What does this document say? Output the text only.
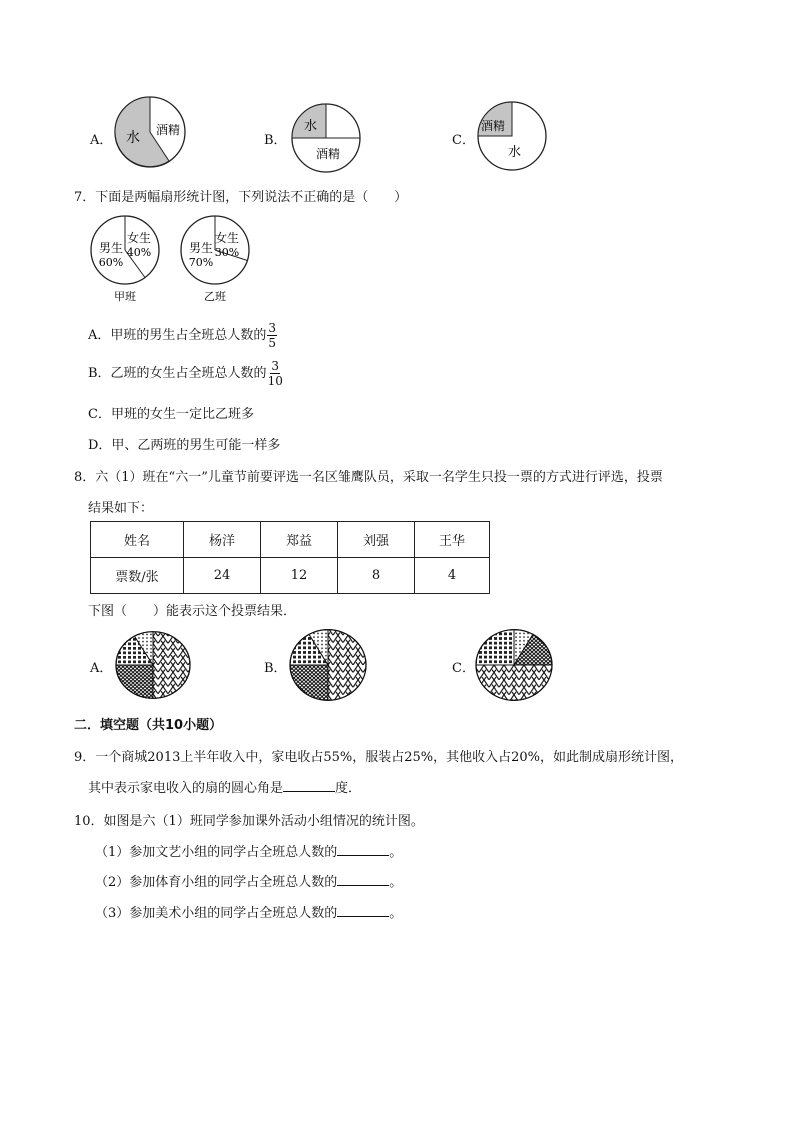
A． 水 酒精
B．
水
酒精
C．
酒精
水
7．下面是两幅扇形统计图，下列说法不正确的是（　　）
男生
60%
女生
40%
甲班
男生
70%
女生
30%
乙班
A．甲班的男生占全班总人数的 $\frac{3}{5}$
B．乙班的女生占全班总人数的 $\frac{3}{10}$
C．甲班的女生一定比乙班多
D．甲、乙两班的男生可能一样多
8．六（1）班在“六一”儿童节前要评选一名区雏鹰队员，采取一名学生只投一票的方式进行评选，投票
结果如下：
姓名	杨洋	郑益	刘强	王华
票数/张	24	12	8	4
下图（　　）能表示这个投票结果．
A．	B．	C．
二．填空题（共10小题）
9．一个商城2013上半年收入中，家电收占55%，服装占25%，其他收入占20%，如此制成扇形统计图，
其中表示家电收入的扇的圆心角是	度．
10．如图是六（1）班同学参加课外活动小组情况的统计图。
（1）参加文艺小组的同学占全班总人数的	。
（2）参加体育小组的同学占全班总人数的	。
（3）参加美术小组的同学占全班总人数的	。
